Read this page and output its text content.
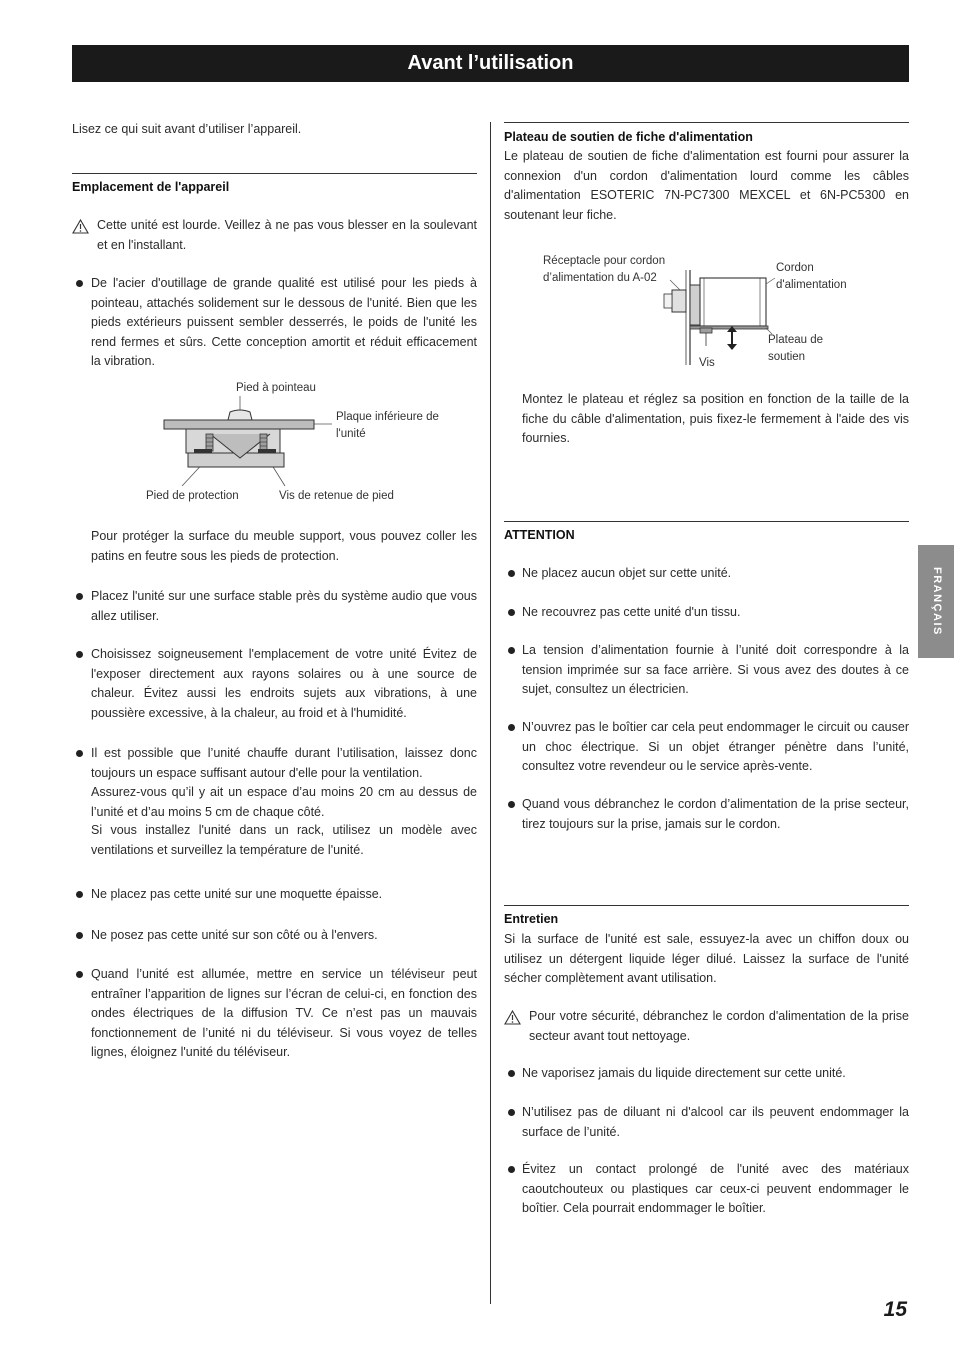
Avant l’utilisation

Lisez ce qui suit avant d’utiliser l’appareil.

Emplacement de l'appareil

Cette unité est lourde. Veillez à ne pas vous blesser en la soulevant et en l'installant.

De l'acier d'outillage de grande qualité est utilisé pour les pieds à pointeau, attachés solidement sur le dessous de l'unité. Bien que les pieds extérieurs puissent sembler desserrés, le poids de l'unité les rend fermes et sûrs. Cette conception amortit et réduit efficacement la vibration.

Pied à pointeau
Plaque inférieure de l'unité
Pied de protection	Vis de retenue de pied

Pour protéger la surface du meuble support, vous pouvez coller les patins en feutre sous les pieds de protection.

Placez l'unité sur une surface stable près du système audio que vous allez utiliser.

Choisissez soigneusement l'emplacement de votre unité Évitez de l'exposer directement aux rayons solaires ou à une source de chaleur. Évitez aussi les endroits sujets aux vibrations, à une poussière excessive, à la chaleur, au froid et à l'humidité.

Il est possible que l’unité chauffe durant l’utilisation, laissez donc toujours un espace suffisant autour d'elle pour la ventilation.

Assurez-vous qu’il y ait un espace d’au moins 20 cm au dessus de l’unité et d’au moins 5 cm de chaque côté.

Si vous installez l'unité dans un rack, utilisez un modèle avec ventilations et surveillez la température de l'unité.

Ne placez pas cette unité sur une moquette épaisse.

Ne posez pas cette unité sur son côté ou à l'envers.

Quand l’unité est allumée, mettre en service un téléviseur peut entraîner l’apparition de lignes sur l’écran de celui-ci, en fonction des ondes électriques de la diffusion TV. Ce n’est pas un mauvais fonctionnement de l’unité ni du téléviseur. Si vous voyez de telles lignes, éloignez l'unité du téléviseur.

Plateau de soutien de fiche d'alimentation

Le plateau de soutien de fiche d'alimentation est fourni pour assurer la connexion d'un cordon d'alimentation lourd comme les câbles d'alimentation ESOTERIC 7N-PC7300 MEXCEL et 6N-PC5300 en soutenant leur fiche.

Réceptacle pour cordon d’alimentation du A-02
Cordon
d'alimentation
Plateau de
soutien
Vis

Montez le plateau et réglez sa position en fonction de la taille de la fiche du câble d'alimentation, puis fixez-le fermement à l'aide des vis fournies.

ATTENTION

Ne placez aucun objet sur cette unité.

Ne recouvrez pas cette unité d'un tissu.

La tension d’alimentation fournie à l’unité doit correspondre à la tension imprimée sur sa face arrière. Si vous avez des doutes à ce sujet, consultez un électricien.

N’ouvrez pas le boîtier car cela peut endommager le circuit ou causer un choc électrique. Si un objet étranger pénètre dans l’unité, consultez votre revendeur ou le service après-vente.

Quand vous débranchez le cordon d’alimentation de la prise secteur, tirez toujours sur la prise, jamais sur le cordon.

Entretien

Si la surface de l'unité est sale, essuyez-la avec un chiffon doux ou utilisez un détergent liquide léger dilué. Laissez la surface de l'unité sécher complètement avant utilisation.

Pour votre sécurité, débranchez le cordon d'alimentation de la prise secteur avant tout nettoyage.

Ne vaporisez jamais du liquide directement sur cette unité.

N’utilisez pas de diluant ni d'alcool car ils peuvent endommager la surface de l’unité.

Évitez un contact prolongé de l'unité avec des matériaux caoutchouteux ou plastiques car ceux-ci peuvent endommager le boîtier. Cela pourrait endommager le boîtier.

FRANÇAIS
15
